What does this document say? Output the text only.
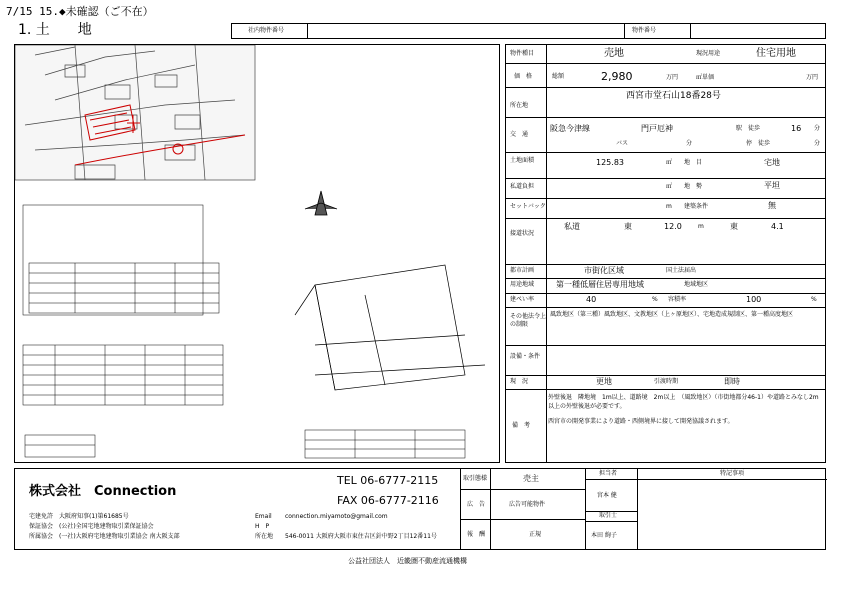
7/15 15.◆未確認（ご不在）
1. 土　　地	社内物件番号	物件番号
物件種目	売地	現況用途	住宅用地
価　格	総額	2,980	万円	㎡単価	万円
所在地
西宮市堂石山18番28号
交　通
阪急今津線	門戸厄神	駅　徒歩	16 分
バス	分	停　徒歩	分
土地面積	125.83	㎡ 地　目	宅地
私道負担	㎡ 地　勢	平坦
セットバック	m 建築条件	無
接道状況
私道	東	12.0	m	東	4.1
都市計画	市街化区域	国土法届出
用途地域	第一種低層住居専用地域	地域地区
建ぺい率	40	% 容積率	100	%
その他法令上の制限
風致地区（第三種）風致地区、文教地区（上ヶ原地区）、宅地造成規制区、第一種高度地区
設備・条件
現　況	更地	引渡時期	即時
備　考
外壁後退　隣地境　1m以上、道路境　2m以上　（風致地区）（市街地都分46-1）や道路とみなし2m以上の外壁後退が必要です。
西宮市の開発事業により道路・西側境界に接して開発協議されます。
株式会社　Connection
TEL 06-6777-2115
FAX 06-6777-2116
宅建免許　大阪府知事(1)第61685号
保証協会　(公社)全国宅地建物取引業保証協会
所属協会　(一社)大阪府宅地建物取引業協会 南大阪支部
Email connection.miyamoto@gmail.com
H　P
所在地 546-0011 大阪府大阪市東住吉区針中野2丁目12番11号
取引態様	売主
広　告	広告可能物件
報　酬	正規
担当者
宮本 健
取引士
本田 絢子
特記事項
公益社団法人　近畿圏不動産流通機構
